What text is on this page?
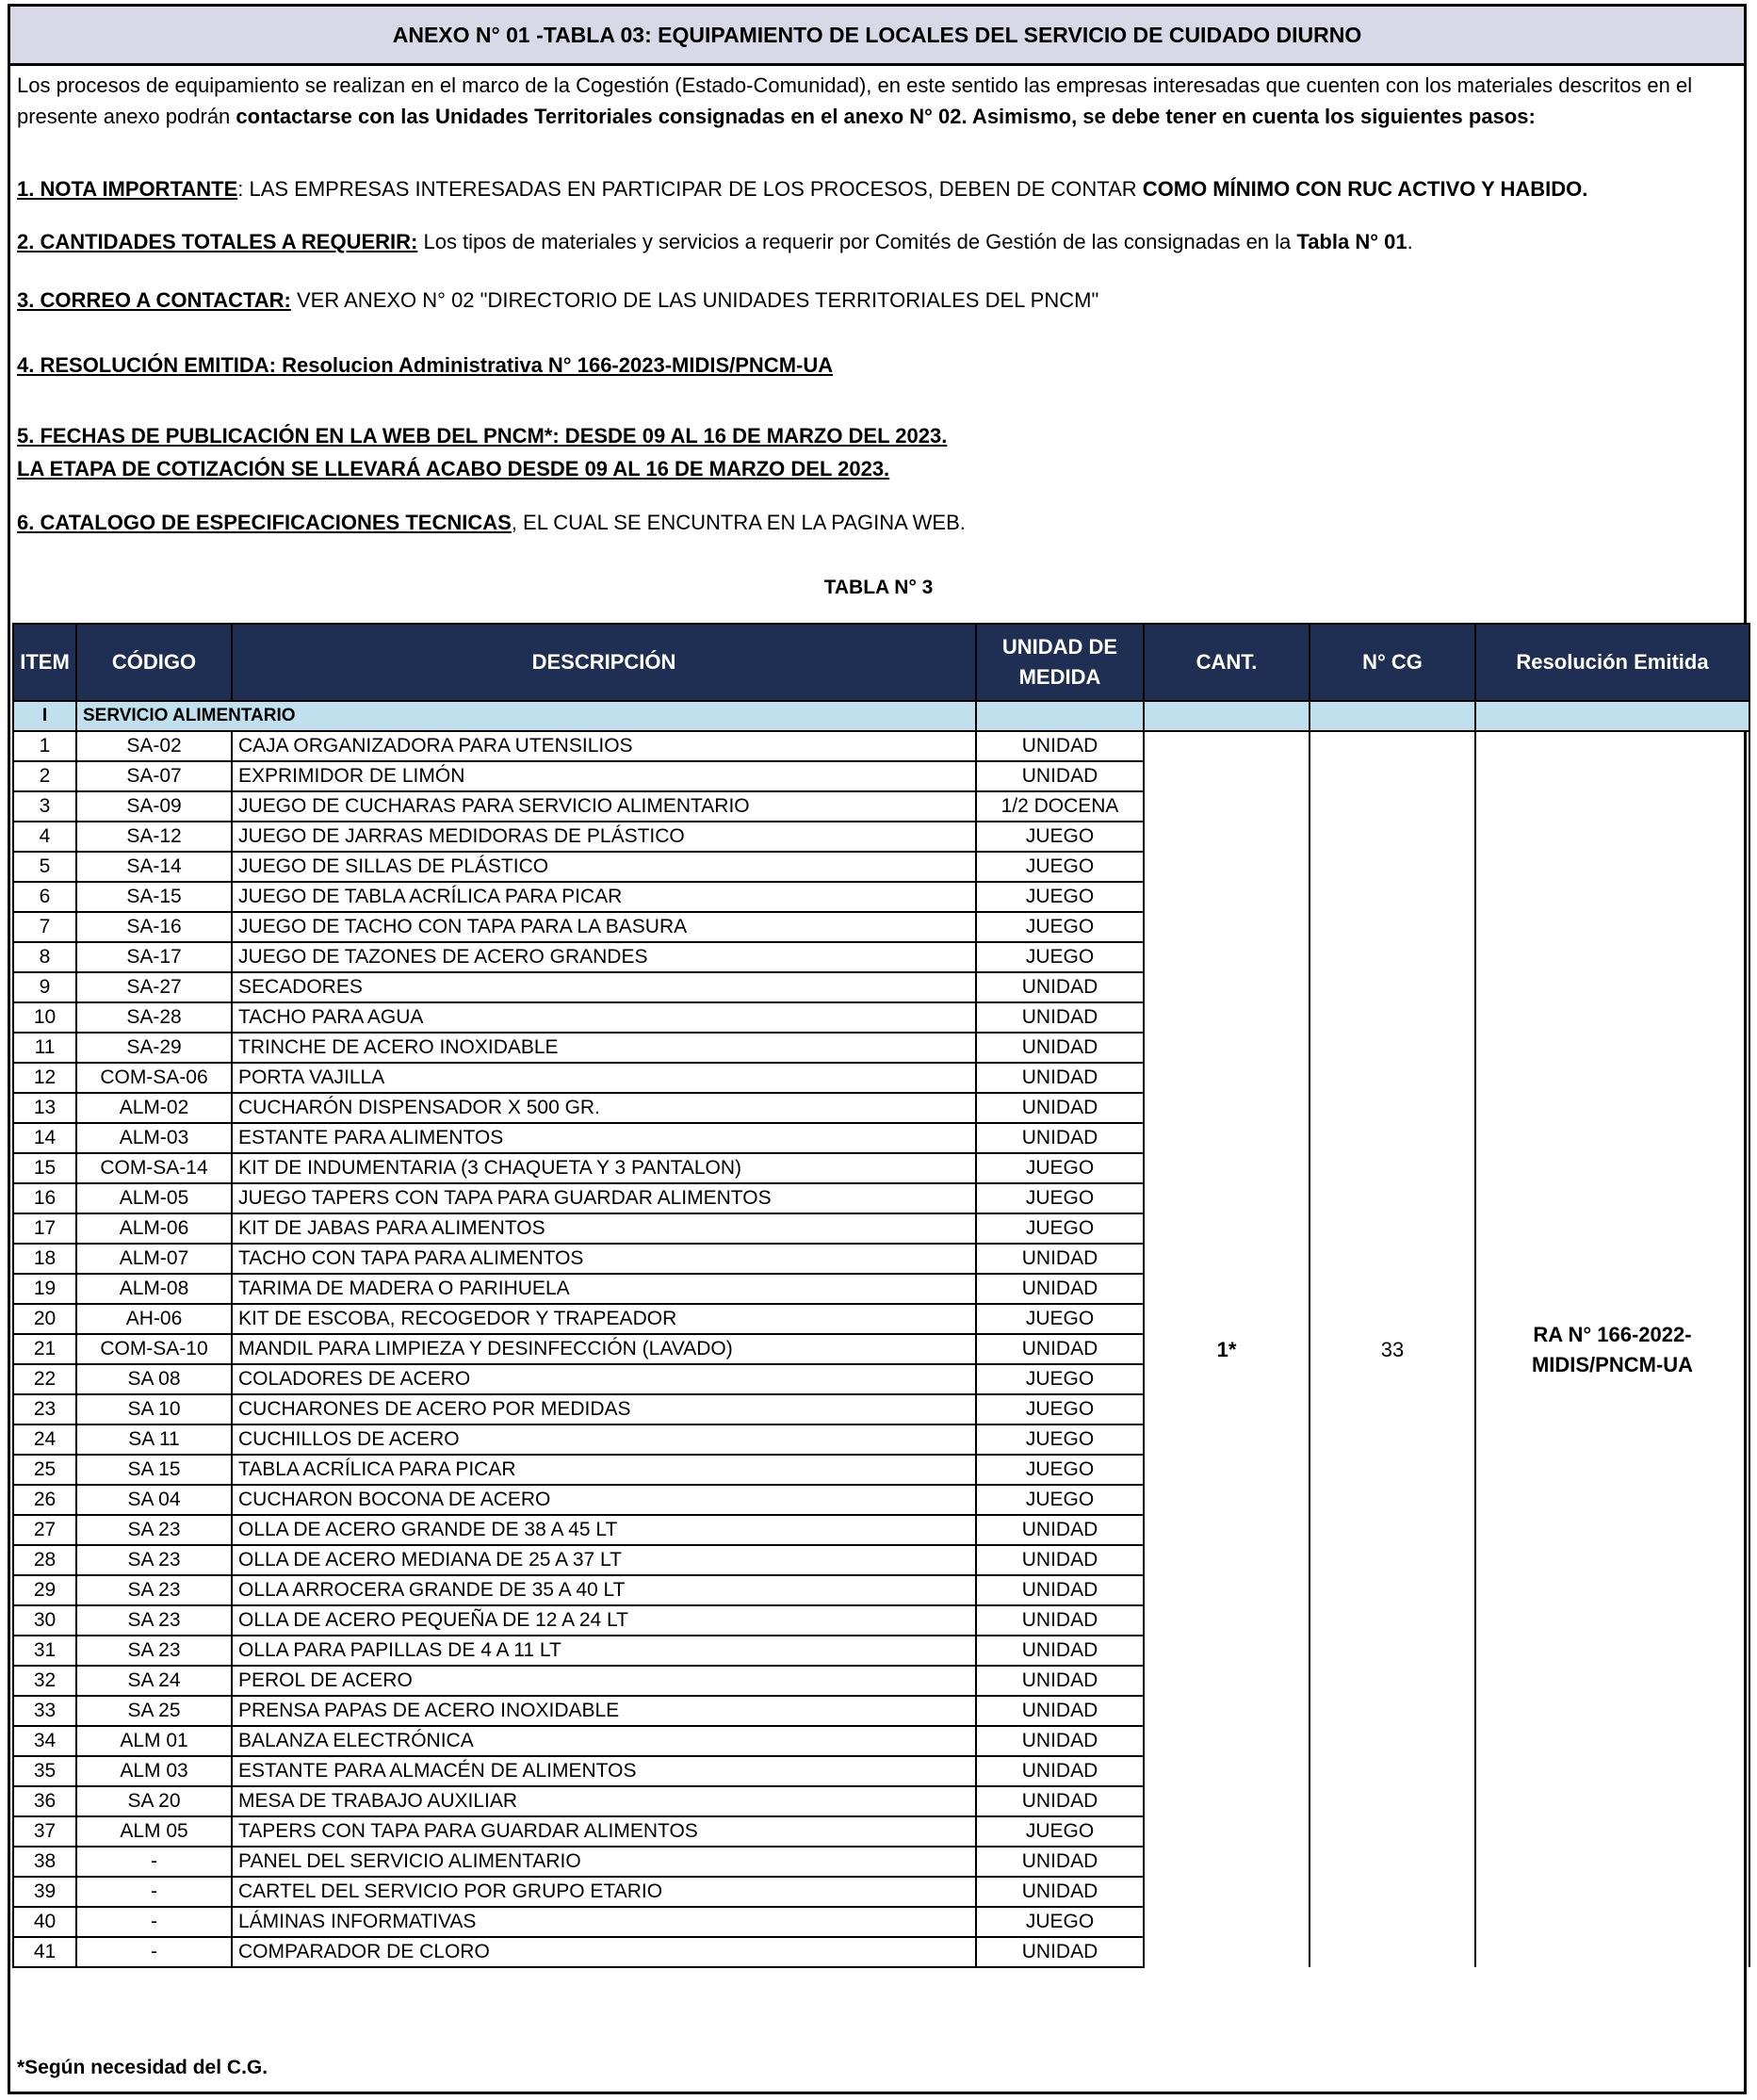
ANEXO N° 01 -TABLA 03: EQUIPAMIENTO DE LOCALES DEL SERVICIO DE CUIDADO DIURNO

Los procesos de equipamiento se realizan en el marco de la Cogestión (Estado-Comunidad), en este sentido las empresas interesadas que cuenten con los materiales descritos en el presente anexo podrán contactarse con las Unidades Territoriales consignadas en el anexo N° 02. Asimismo, se debe tener en cuenta los siguientes pasos:

1. NOTA IMPORTANTE: LAS EMPRESAS INTERESADAS EN PARTICIPAR DE LOS PROCESOS, DEBEN DE CONTAR COMO MÍNIMO CON RUC ACTIVO Y HABIDO.
2. CANTIDADES TOTALES A REQUERIR: Los tipos de materiales y servicios a requerir por Comités de Gestión de las consignadas en la Tabla N° 01.
3. CORREO A CONTACTAR: VER ANEXO N° 02 "DIRECTORIO DE LAS UNIDADES TERRITORIALES DEL PNCM"
4. RESOLUCIÓN EMITIDA: Resolucion Administrativa N° 166-2023-MIDIS/PNCM-UA
5. FECHAS DE PUBLICACIÓN EN LA WEB DEL PNCM*: DESDE 09 AL 16 DE MARZO DEL 2023.
LA ETAPA DE COTIZACIÓN SE LLEVARÁ ACABO DESDE 09 AL 16 DE MARZO DEL 2023.
6. CATALOGO DE ESPECIFICACIONES TECNICAS, EL CUAL SE ENCUNTRA EN LA PAGINA WEB.
TABLA N° 3
ITEM	CÓDIGO	DESCRIPCIÓN	UNIDAD DE MEDIDA	CANT.	N° CG	Resolución Emitida
I	SERVICIO ALIMENTARIO					
1	SA-02	CAJA ORGANIZADORA PARA UTENSILIOS	UNIDAD	1*	33	RA N° 166-2022-MIDIS/PNCM-UA
2	SA-07	EXPRIMIDOR DE LIMÓN	UNIDAD			
3	SA-09	JUEGO DE CUCHARAS PARA SERVICIO ALIMENTARIO	1/2 DOCENA			
4	SA-12	JUEGO DE JARRAS MEDIDORAS DE PLÁSTICO	JUEGO			
5	SA-14	JUEGO DE SILLAS DE PLÁSTICO	JUEGO			
6	SA-15	JUEGO DE TABLA ACRÍLICA PARA PICAR	JUEGO			
7	SA-16	JUEGO DE TACHO CON TAPA PARA LA BASURA	JUEGO			
8	SA-17	JUEGO DE TAZONES DE ACERO GRANDES	JUEGO			
9	SA-27	SECADORES	UNIDAD			
10	SA-28	TACHO PARA AGUA	UNIDAD			
11	SA-29	TRINCHE DE ACERO INOXIDABLE	UNIDAD			
12	COM-SA-06	PORTA VAJILLA	UNIDAD			
13	ALM-02	CUCHARÓN DISPENSADOR X 500 GR.	UNIDAD			
14	ALM-03	ESTANTE PARA ALIMENTOS	UNIDAD			
15	COM-SA-14	KIT DE INDUMENTARIA (3 CHAQUETA Y 3 PANTALON)	JUEGO			
16	ALM-05	JUEGO TAPERS CON TAPA PARA GUARDAR ALIMENTOS	JUEGO			
17	ALM-06	KIT DE JABAS PARA ALIMENTOS	JUEGO			
18	ALM-07	TACHO CON TAPA PARA ALIMENTOS	UNIDAD			
19	ALM-08	TARIMA DE MADERA O PARIHUELA	UNIDAD			
20	AH-06	KIT DE ESCOBA, RECOGEDOR Y TRAPEADOR	JUEGO			
21	COM-SA-10	MANDIL PARA LIMPIEZA Y DESINFECCIÓN (LAVADO)	UNIDAD			
22	SA 08	COLADORES DE ACERO	JUEGO			
23	SA 10	CUCHARONES DE ACERO POR MEDIDAS	JUEGO			
24	SA 11	CUCHILLOS DE ACERO	JUEGO			
25	SA 15	TABLA ACRÍLICA PARA PICAR	JUEGO			
26	SA 04	CUCHARON BOCONA DE ACERO	JUEGO			
27	SA 23	OLLA DE ACERO GRANDE DE 38 A 45 LT	UNIDAD			
28	SA 23	OLLA DE ACERO MEDIANA DE 25 A 37 LT	UNIDAD			
29	SA 23	OLLA ARROCERA GRANDE DE 35 A 40 LT	UNIDAD			
30	SA 23	OLLA DE ACERO PEQUEÑA DE 12 A 24 LT	UNIDAD			
31	SA 23	OLLA PARA PAPILLAS DE 4 A 11 LT	UNIDAD			
32	SA 24	PEROL DE ACERO	UNIDAD			
33	SA 25	PRENSA PAPAS DE ACERO INOXIDABLE	UNIDAD			
34	ALM 01	BALANZA ELECTRÓNICA	UNIDAD			
35	ALM 03	ESTANTE PARA ALMACÉN DE ALIMENTOS	UNIDAD			
36	SA 20	MESA DE TRABAJO AUXILIAR	UNIDAD			
37	ALM 05	TAPERS CON TAPA PARA GUARDAR ALIMENTOS	JUEGO			
38	-	PANEL DEL SERVICIO ALIMENTARIO	UNIDAD			
39	-	CARTEL DEL SERVICIO POR GRUPO ETARIO	UNIDAD			
40	-	LÁMINAS INFORMATIVAS	JUEGO			
41	-	COMPARADOR DE CLORO	UNIDAD			
*Según necesidad del C.G.
